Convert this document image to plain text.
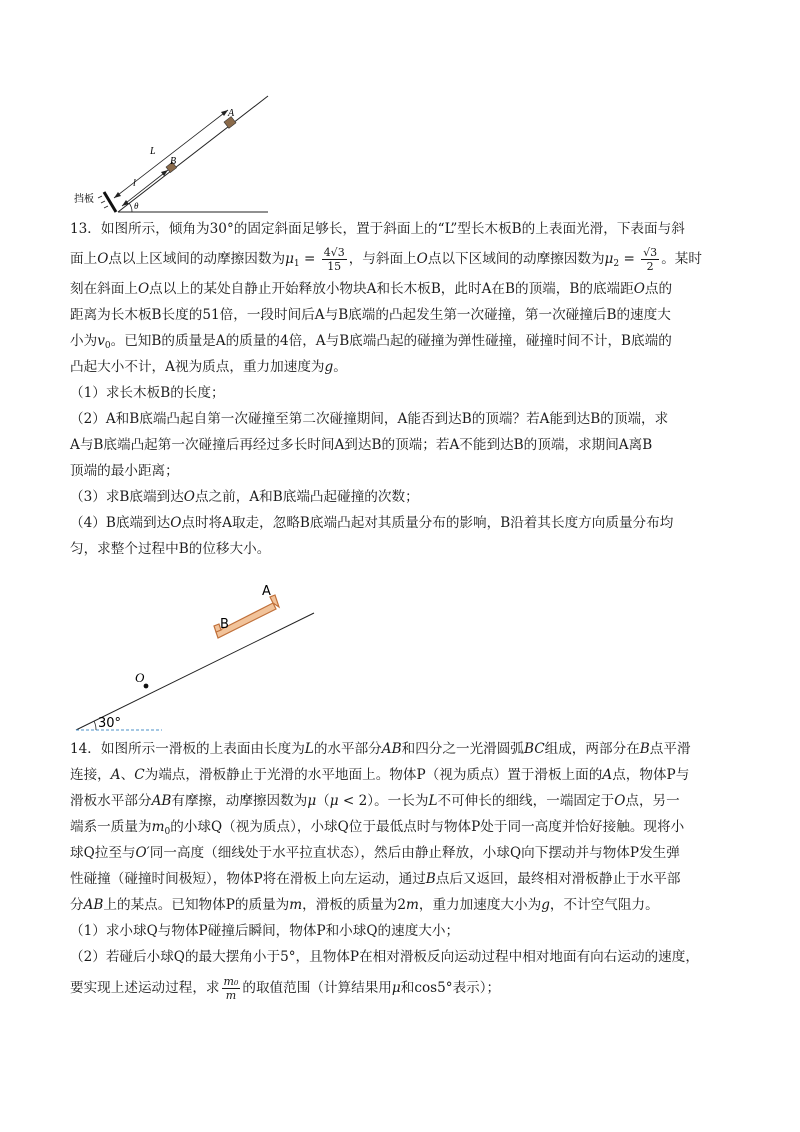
A
B
L
l
θ
挡板
13．如图所示，倾角为30°的固定斜面足够长，置于斜面上的“L”型长木板B的上表面光滑，下表面与斜
面上O点以上区域间的动摩擦因数为$\mu_1 = \frac{4√3}{15}$ ，与斜面上O点以下区域间的动摩擦因数为$\mu_2 = \frac{√3}{2}$ 。某时
刻在斜面上O点以上的某处自静止开始释放小物块A和长木板B，此时A在B的顶端，B的底端距O点的
距离为长木板B长度的51倍，一段时间后A与B底端的凸起发生第一次碰撞，第一次碰撞后B的速度大
小为$v_0$。已知B的质量是A的质量的4倍，A与B底端凸起的碰撞为弹性碰撞，碰撞时间不计，B底端的
凸起大小不计，A视为质点，重力加速度为g。
（1）求长木板B的长度；
（2）A和B底端凸起自第一次碰撞至第二次碰撞期间，A能否到达B的顶端？若A能到达B的顶端，求
A与B底端凸起第一次碰撞后再经过多长时间A到达B的顶端；若A不能到达B的顶端，求期间A离B
顶端的最小距离；
（3）求B底端到达O点之前，A和B底端凸起碰撞的次数；
（4）B底端到达O点时将A取走，忽略B底端凸起对其质量分布的影响，B沿着其长度方向质量分布均
匀，求整个过程中B的位移大小。
A
B
O
30°
14．如图所示一滑板的上表面由长度为L的水平部分AB和四分之一光滑圆弧BC组成，两部分在B点平滑
连接，A、C为端点，滑板静止于光滑的水平地面上。物体P（视为质点）置于滑板上面的A点，物体P与
滑板水平部分AB有摩擦，动摩擦因数为μ（μ < 2）。一长为L不可伸长的细线，一端固定于O点，另一
端系一质量为$m_0$的小球Q（视为质点），小球Q位于最低点时与物体P处于同一高度并恰好接触。现将小
球Q拉至与O′同一高度（细线处于水平拉直状态），然后由静止释放，小球Q向下摆动并与物体P发生弹
性碰撞（碰撞时间极短），物体P将在滑板上向左运动，通过B点后又返回，最终相对滑板静止于水平部
分AB上的某点。已知物体P的质量为m，滑板的质量为2m，重力加速度大小为g，不计空气阻力。
（1）求小球Q与物体P碰撞后瞬间，物体P和小球Q的速度大小；
（2）若碰后小球Q的最大摆角小于5°，且物体P在相对滑板反向运动过程中相对地面有向右运动的速度，
要实现上述运动过程，求 $\frac{\text{m₀}}{m}$ 的取值范围（计算结果用μ和cos5°表示）；
